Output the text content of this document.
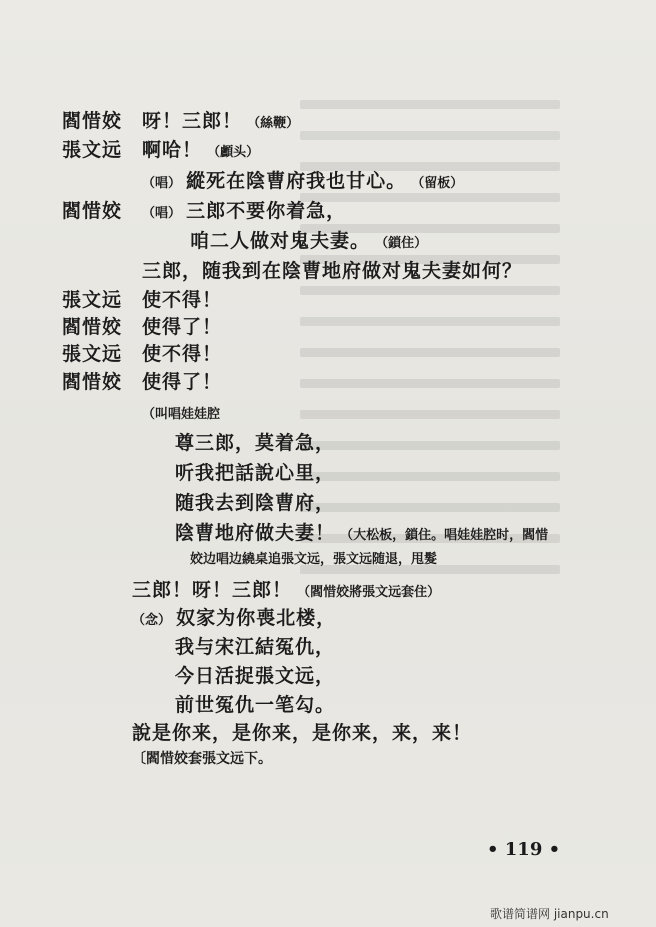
閻惜姣 呀！三郎！ （絲鞭）
張文远 啊哈！ （顱头）
（唱） 縱死在陰曹府我也甘心。 （留板）
閻惜姣 （唱） 三郎不要你着急，
咱二人做对鬼夫妻。 （鎖住）
三郎，随我到在陰曹地府做对鬼夫妻如何？
張文远 使不得！
閻惜姣 使得了！
張文远 使不得！
閻惜姣 使得了！
（叫唱娃娃腔
尊三郎，莫着急，
听我把話說心里，
随我去到陰曹府，
陰曹地府做夫妻！ （大松板，鎖住。唱娃娃腔时，閻惜
姣边唱边繞桌追張文远，張文远随退，甩髮
三郎！呀！三郎！ （閻惜姣將張文远套住）
（念） 奴家为你喪北楼，
我与宋江結冤仇，
今日活捉張文远，
前世冤仇一笔勾。
說是你来，是你来，是你来，来，来！
〔閻惜姣套張文远下。
• 119 •
歌谱简谱网 jianpu.cn
